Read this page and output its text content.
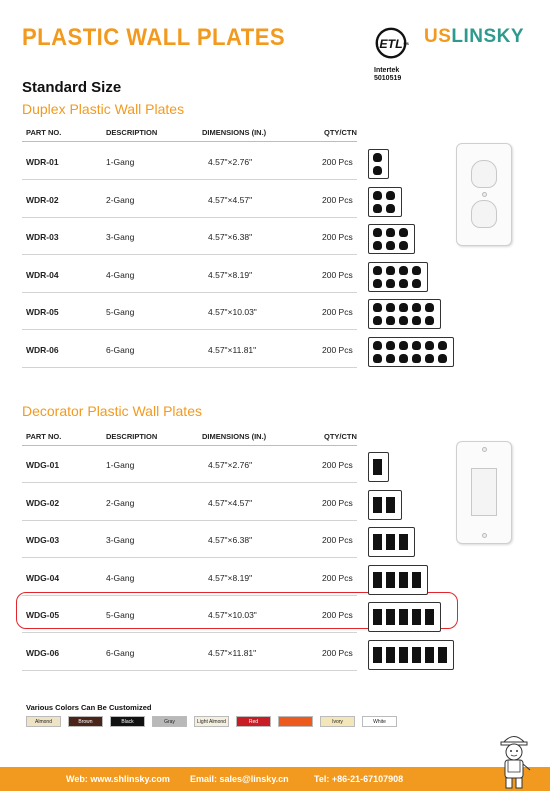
PLASTIC WALL PLATES	ETL
c	us
Intertek
5010519
USLINSKY
Standard Size
Duplex Plastic Wall Plates
PART NO.	DESCRIPTION	DIMENSIONS (IN.)	QTY/CTN
WDR-01	1-Gang	4.57"×2.76"	200 Pcs
WDR-02	2-Gang	4.57"×4.57"	200 Pcs
WDR-03	3-Gang	4.57"×6.38"	200 Pcs
WDR-04	4-Gang	4.57"×8.19"	200 Pcs
WDR-05	5-Gang	4.57"×10.03"	200 Pcs
WDR-06	6-Gang	4.57"×11.81"	200 Pcs
Decorator Plastic Wall Plates
PART NO.	DESCRIPTION	DIMENSIONS (IN.)	QTY/CTN
WDG-01	1-Gang	4.57"×2.76"	200 Pcs
WDG-02	2-Gang	4.57"×4.57"	200 Pcs
WDG-03	3-Gang	4.57"×6.38"	200 Pcs
WDG-04	4-Gang	4.57"×8.19"	200 Pcs
WDG-05	5-Gang	4.57"×10.03"	200 Pcs
WDG-06	6-Gang	4.57"×11.81"	200 Pcs
Various Colors Can Be Customized
Almond	Brown	Black	Gray	Light Almond	Red	Ivory	White
Web: www.shlinsky.com Email: sales@linsky.cn	Tel: +86-21-67107908
